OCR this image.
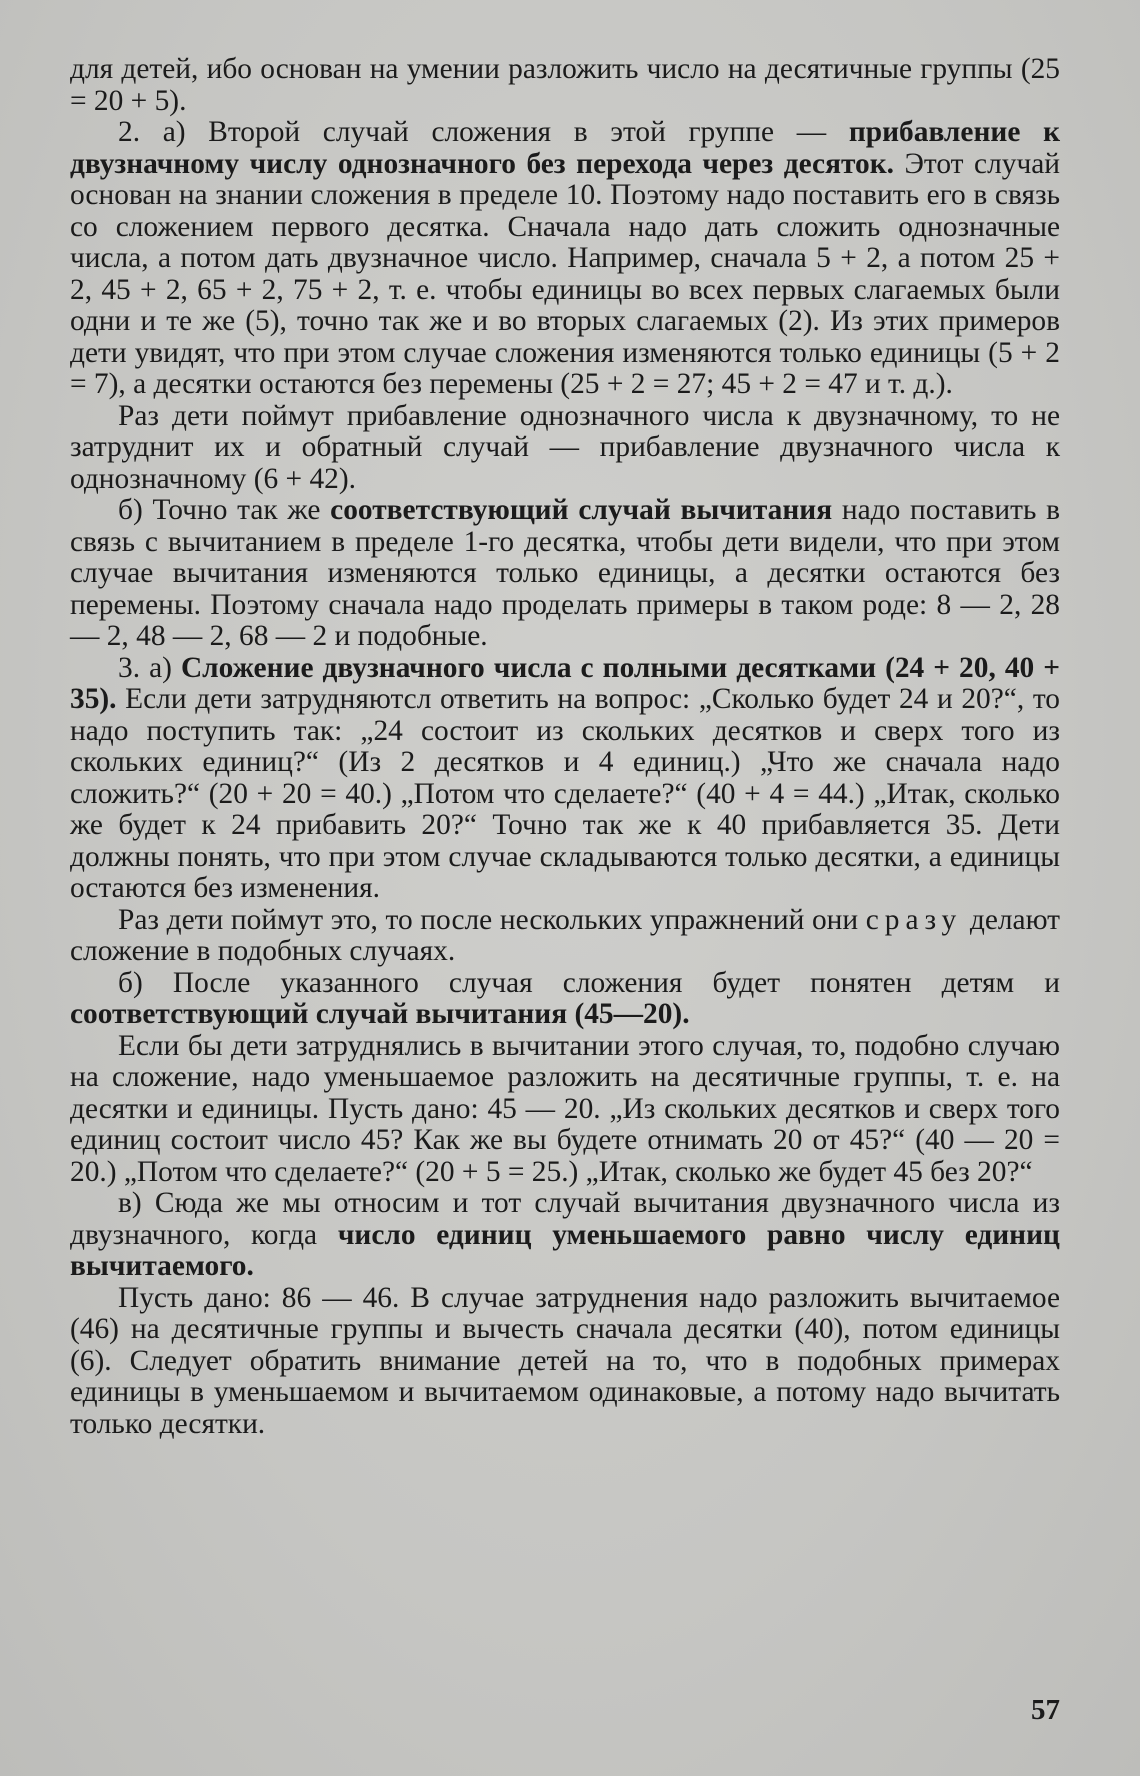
для детей, ибо основан на умении разложить число на десятичные группы (25 = 20 + 5).

2. а) Второй случай сложения в этой группе — прибавление к двузначному числу однозначного без перехода через десяток. Этот случай основан на знании сложения в пределе 10. Поэтому надо поставить его в связь со сложением первого десятка. Сначала надо дать сложить однозначные числа, а потом дать двузначное число. Например, сначала 5 + 2, а потом 25 + 2, 45 + 2, 65 + 2, 75 + 2, т. е. чтобы единицы во всех первых слагаемых были одни и те же (5), точно так же и во вторых слагаемых (2). Из этих примеров дети увидят, что при этом случае сложения изменяются только единицы (5 + 2 = 7), а десятки остаются без перемены (25 + 2 = 27; 45 + 2 = 47 и т. д.).

Раз дети поймут прибавление однозначного числа к двузначному, то не затруднит их и обратный случай — прибавление двузначного числа к однозначному (6 + 42).

б) Точно так же соответствующий случай вычитания надо поставить в связь с вычитанием в пределе 1-го десятка, чтобы дети видели, что при этом случае вычитания изменяются только единицы, а десятки остаются без перемены. Поэтому сначала надо проделать примеры в таком роде: 8 — 2, 28 — 2, 48 — 2, 68 — 2 и подобные.

3. а) Сложение двузначного числа с полными десятками (24 + 20, 40 + 35). Если дети затрудняютсл ответить на вопрос: „Сколько будет 24 и 20?“, то надо поступить так: „24 состоит из скольких десятков и сверх того из скольких единиц?“ (Из 2 десятков и 4 единиц.) „Что же сначала надо сложить?“ (20 + 20 = 40.) „Потом что сделаете?“ (40 + 4 = 44.) „Итак, сколько же будет к 24 прибавить 20?“ Точно так же к 40 прибавляется 35. Дети должны понять, что при этом случае складываются только десятки, а единицы остаются без изменения.

Раз дети поймут это, то после нескольких упражнений они сразу делают сложение в подобных случаях.

б) После указанного случая сложения будет понятен детям и соответствующий случай вычитания (45—20).

Если бы дети затруднялись в вычитании этого случая, то, подобно случаю на сложение, надо уменьшаемое разложить на десятичные группы, т. е. на десятки и единицы. Пусть дано: 45 — 20. „Из скольких десятков и сверх того единиц состоит число 45? Как же вы будете отнимать 20 от 45?“ (40 — 20 = 20.) „Потом что сделаете?“ (20 + 5 = 25.) „Итак, сколько же будет 45 без 20?“

в) Сюда же мы относим и тот случай вычитания двузначного числа из двузначного, когда число единиц уменьшаемого равно числу единиц вычитаемого.

Пусть дано: 86 — 46. В случае затруднения надо разложить вычитаемое (46) на десятичные группы и вычесть сначала десятки (40), потом единицы (6). Следует обратить внимание детей на то, что в подобных примерах единицы в уменьшаемом и вычитаемом одинаковые, а потому надо вычитать только десятки.

57
